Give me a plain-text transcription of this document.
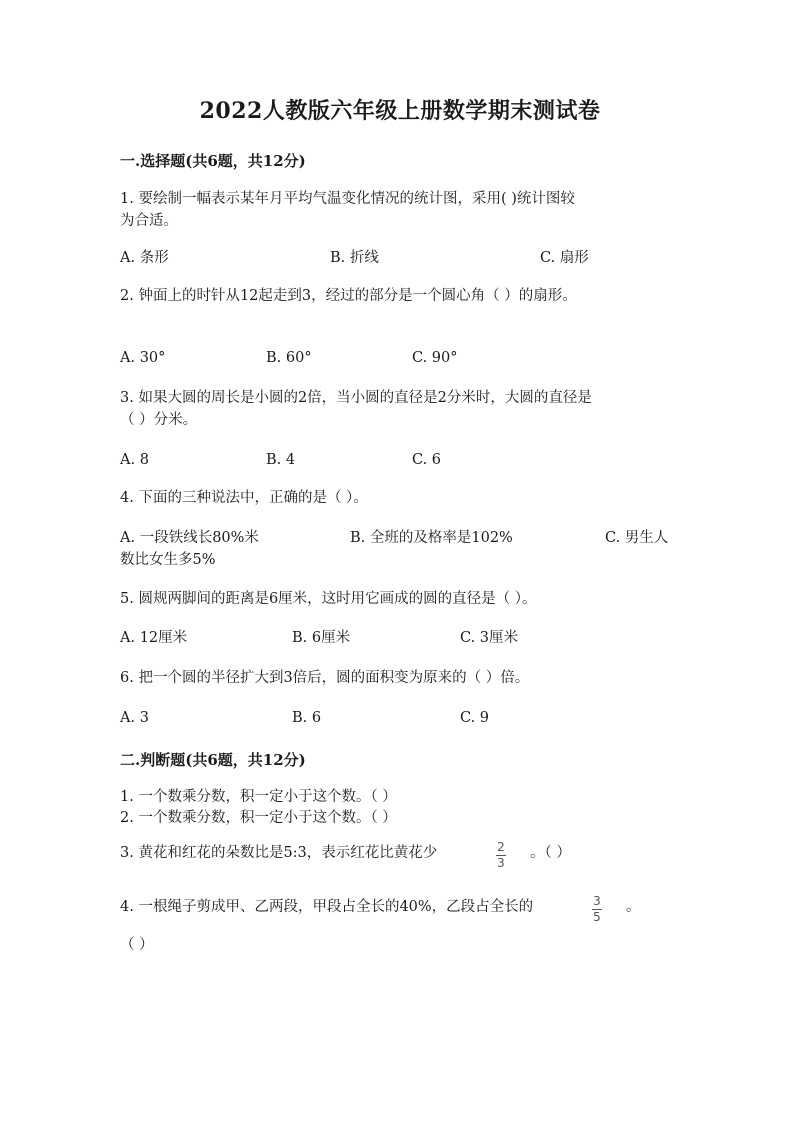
2022人教版六年级上册数学期末测试卷
一.选择题(共6题，共12分)
1. 要绘制一幅表示某年月平均气温变化情况的统计图，采用( )统计图较
为合适。
A. 条形	B. 折线	C. 扇形
2. 钟面上的时针从12起走到3，经过的部分是一个圆心角（ ）的扇形。
A. 30°	B. 60°	C. 90°
3. 如果大圆的周长是小圆的2倍，当小圆的直径是2分米时，大圆的直径是
（ ）分米。
A. 8	B. 4	C. 6
4. 下面的三种说法中，正确的是（ ）。
A. 一段铁线长80%米	B. 全班的及格率是102%	C. 男生人
数比女生多5%
5. 圆规两脚间的距离是6厘米，这时用它画成的圆的直径是（ ）。
A. 12厘米	B. 6厘米	C. 3厘米
6. 把一个圆的半径扩大到3倍后，圆的面积变为原来的（ ）倍。
A. 3	B. 6	C. 9
二.判断题(共6题，共12分)
1. 一个数乘分数，积一定小于这个数。（ ）
2. 一个数乘分数，积一定小于这个数。（ ）
3. 黄花和红花的朵数比是5:3，表示红花比黄花少	$\frac{2}{3}$ 。（ ）
4. 一根绳子剪成甲、乙两段，甲段占全长的40%，乙段占全长的	$\frac{3}{5}$ 。
（ ）
